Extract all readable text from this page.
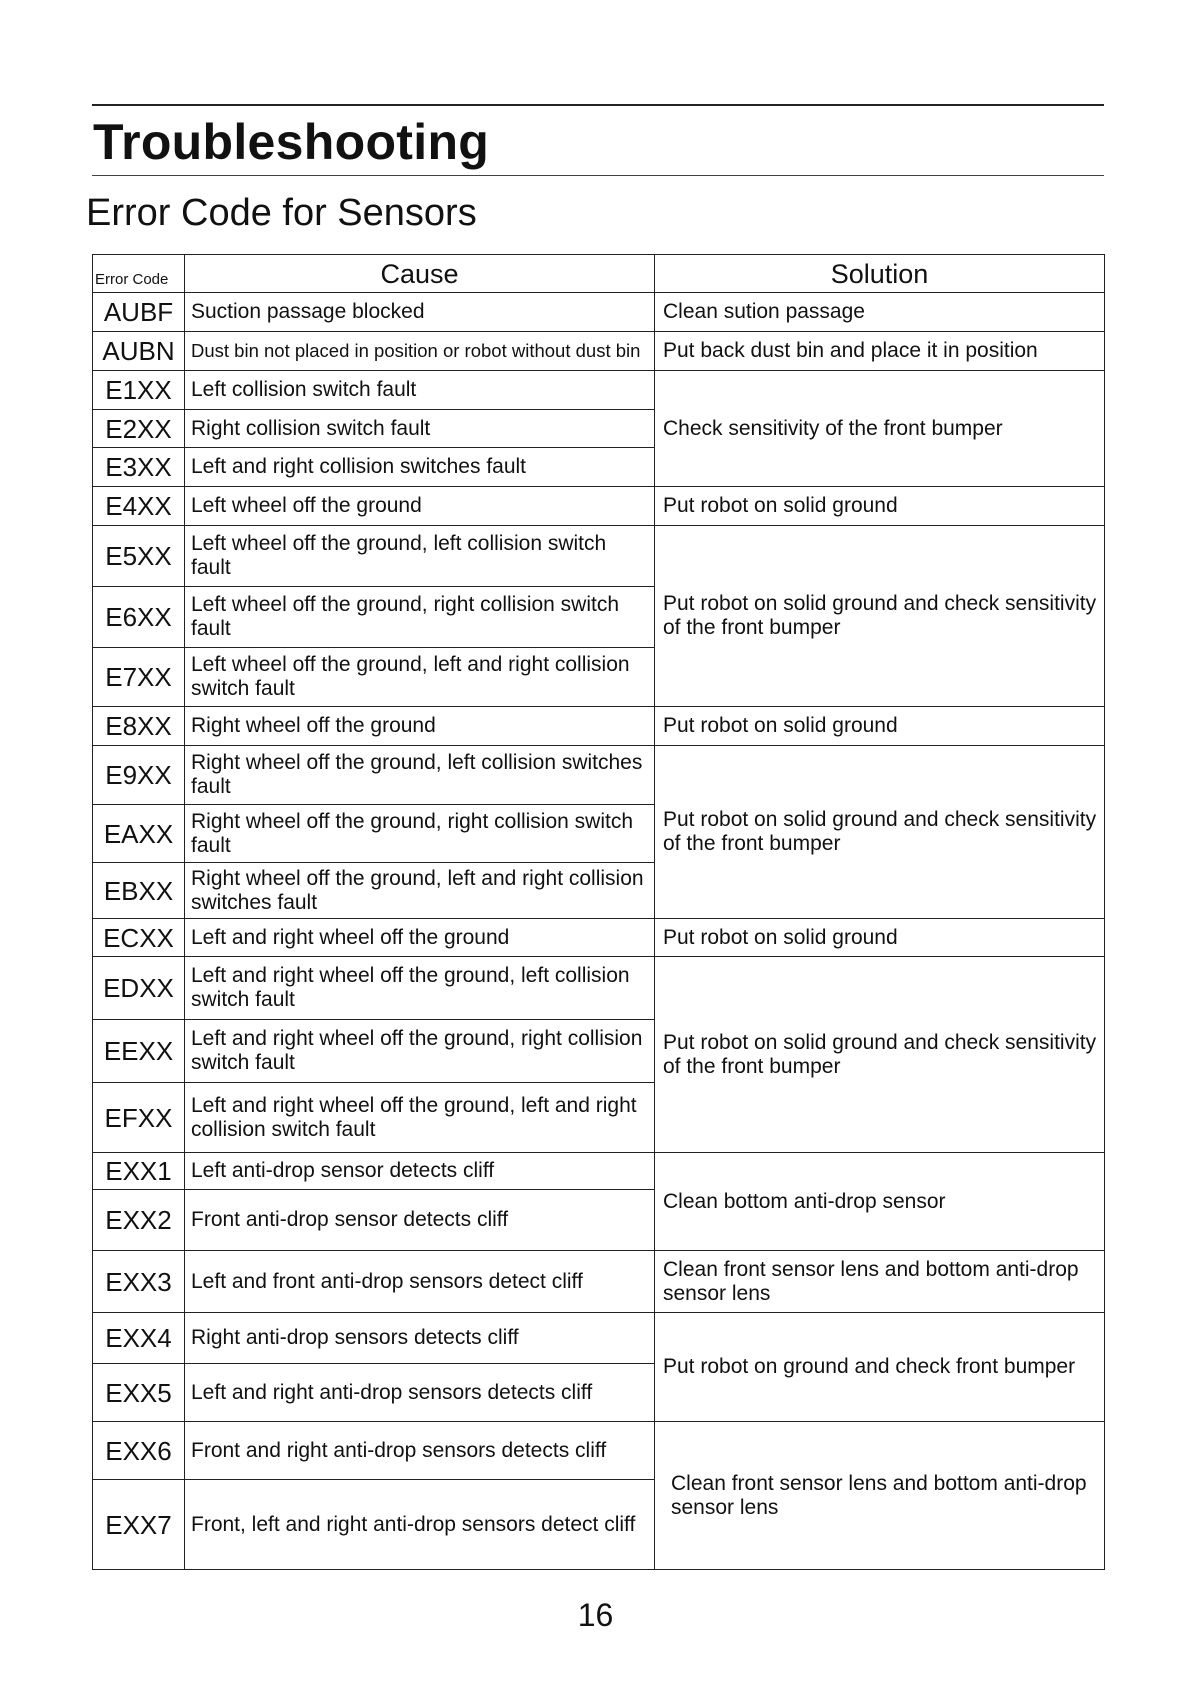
Troubleshooting
Error Code for Sensors
Error Code	Cause	Solution
AUBF	Suction passage blocked	Clean sution passage
AUBN	Dust bin not placed in position or robot without dust bin	Put back dust bin and place it in position
E1XX	Left collision switch fault	Check sensitivity of the front bumper
E2XX	Right collision switch fault	
E3XX	Left and right collision switches fault	
E4XX	Left wheel off the ground	Put robot on solid ground
E5XX	Left wheel off the ground, left collision switch fault	Put robot on solid ground and check sensitivity of the front bumper
E6XX	Left wheel off the ground, right collision switch fault	
E7XX	Left wheel off the ground, left and right collision switch fault	
E8XX	Right wheel off the ground	Put robot on solid ground
E9XX	Right wheel off the ground, left collision switches fault	Put robot on solid ground and check sensitivity of the front bumper
EAXX	Right wheel off the ground, right collision switch fault	
EBXX	Right wheel off the ground, left and right collision switches fault	
ECXX	Left and right wheel off the ground	Put robot on solid ground
EDXX	Left and right wheel off the ground, left collision switch fault	Put robot on solid ground and check sensitivity of the front bumper
EEXX	Left and right wheel off the ground, right collision switch fault	
EFXX	Left and right wheel off the ground, left and right collision switch fault	
EXX1	Left anti-drop sensor detects cliff	Clean bottom anti-drop sensor
EXX2	Front anti-drop sensor detects cliff	
EXX3	Left and front anti-drop sensors detect cliff	Clean front sensor lens and bottom anti-drop sensor lens
EXX4	Right anti-drop sensors detects cliff	Put robot on ground and check front bumper
EXX5	Left and right anti-drop sensors detects cliff	
EXX6	Front and right anti-drop sensors detects cliff	Clean front sensor lens and bottom anti-drop sensor lens
EXX7	Front, left and right anti-drop sensors detect cliff	
16
